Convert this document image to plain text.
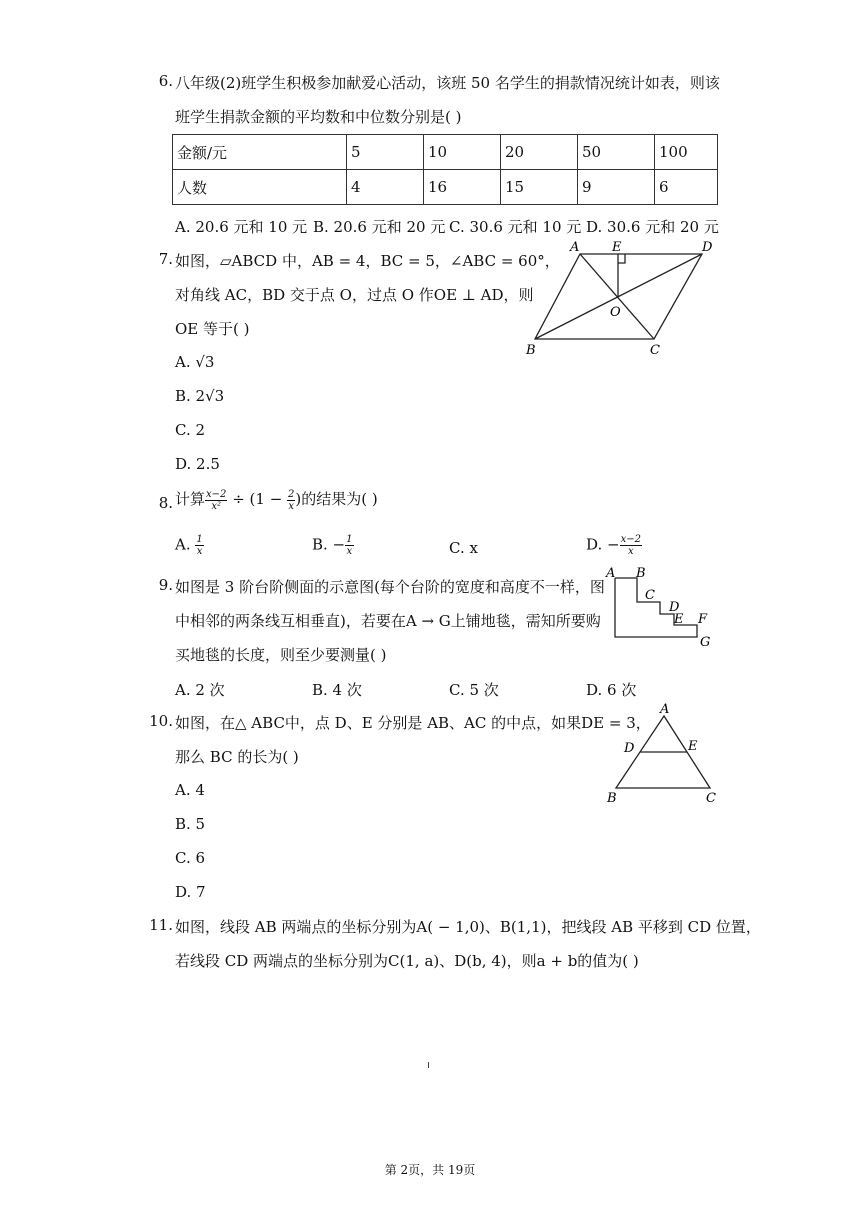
6. 八年级(2)班学生积极参加献爱心活动，该班 50 名学生的捐款情况统计如表，则该
班学生捐款金额的平均数和中位数分别是( )
金额/元	5	10	20	50	100
人数	4	16	15	9	6
A. 20.6 元和 10 元 B. 20.6 元和 20 元 C. 30.6 元和 10 元 D. 30.6 元和 20 元
7. 如图，▱ABCD 中，AB = 4，BC = 5，∠ABC = 60°，
对角线 AC，BD 交于点 O，过点 O 作OE ⊥ AD，则
OE 等于( )
A. √3
B. 2√3
C. 2
D. 2.5
A	E	D
O
B	C
8. 计算 $\frac{x-2}{\text{x²}} \div (1 - \frac{2}{x}$ )的结果为( )
A. $\frac{1}{x}$	B. − $\frac{1}{x}$	C. x	D. − $\frac{x-2}{x}$
9. 如图是 3 阶台阶侧面的示意图(每个台阶的宽度和高度不一样，图
中相邻的两条线互相垂直)，若要在A → G上铺地毯，需知所要购
买地毯的长度，则至少要测量( )
A. 2 次	B. 4 次	C. 5 次	D. 6 次
A B
C
D
E F
G
10. 如图，在△ ABC中，点 D、E 分别是 AB、AC 的中点，如果DE = 3，
那么 BC 的长为( )
A. 4
B. 5
C. 6
D. 7
A
D	E
B	C
11. 如图，线段 AB 两端点的坐标分别为A( − 1,0)、B(1,1)，把线段 AB 平移到 CD 位置，
若线段 CD 两端点的坐标分别为C(1, a)、D(b, 4)，则a + b的值为( )
第 2页，共 19页
